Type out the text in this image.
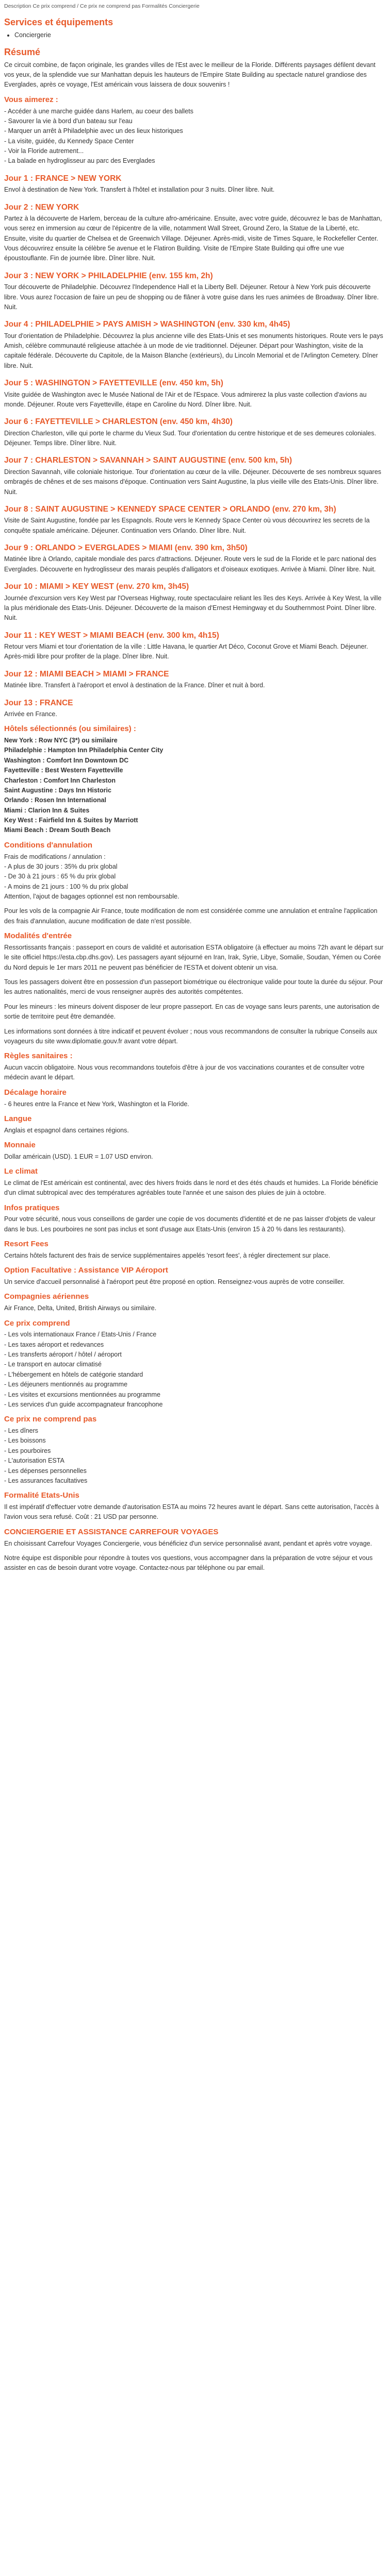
Description Ce prix comprend / Ce prix ne comprend pas Formalités Conciergerie
Services et équipements
• Conciergerie
Résumé

Ce circuit combine, de façon originale, les grandes villes de l'Est avec le meilleur de la Floride. Différents paysages défilent devant vos yeux, de la splendide vue sur Manhattan depuis les hauteurs de l'Empire State Building au spectacle naturel grandiose des Everglades, après ce voyage, l'Est américain vous laissera de doux souvenirs !

Vous aimerez :
- Accéder à une marche guidée dans Harlem, au coeur des ballets
- Savourer la vie à bord d'un bateau sur l'eau
- Marquer un arrêt à Philadelphie avec un des lieux historiques
- La visite, guidée, du Kennedy Space Center
- Voir la Floride autrement...
- La balade en hydroglisseur au parc des Everglades
Jour 1 : FRANCE > NEW YORK

Envol à destination de New York. Transfert à l'hôtel et installation pour 3 nuits. Dîner libre. Nuit.

Jour 2 : NEW YORK

Partez à la découverte de Harlem, berceau de la culture afro-américaine. Ensuite, avec votre guide, découvrez le bas de Manhattan, vous serez en immersion au cœur de l'épicentre de la ville, notamment Wall Street, Ground Zero, la Statue de la Liberté, etc. Ensuite, visite du quartier de Chelsea et de Greenwich Village. Déjeuner. Après-midi, visite de Times Square, le Rockefeller Center. Vous découvrirez ensuite la célèbre 5e avenue et le Flatiron Building. Visite de l'Empire State Building qui offre une vue époustouflante. Fin de journée libre. Dîner libre. Nuit.

Jour 3 : NEW YORK > PHILADELPHIE (env. 155 km, 2h)

Tour découverte de Philadelphie. Découvrez l'Independence Hall et la Liberty Bell. Déjeuner. Retour à New York puis découverte libre. Vous aurez l'occasion de faire un peu de shopping ou de flâner à votre guise dans les rues animées de Broadway. Dîner libre. Nuit.

Jour 4 : PHILADELPHIE > PAYS AMISH > WASHINGTON (env. 330 km, 4h45)

Tour d'orientation de Philadelphie. Découvrez la plus ancienne ville des Etats-Unis et ses monuments historiques. Route vers le pays Amish, célèbre communauté religieuse attachée à un mode de vie traditionnel. Déjeuner. Départ pour Washington, visite de la capitale fédérale. Découverte du Capitole, de la Maison Blanche (extérieurs), du Lincoln Memorial et de l'Arlington Cemetery. Dîner libre. Nuit.

Jour 5 : WASHINGTON > FAYETTEVILLE (env. 450 km, 5h)

Visite guidée de Washington avec le Musée National de l'Air et de l'Espace. Vous admirerez la plus vaste collection d'avions au monde. Déjeuner. Route vers Fayetteville, étape en Caroline du Nord. Dîner libre. Nuit.

Jour 6 : FAYETTEVILLE > CHARLESTON (env. 450 km, 4h30)

Direction Charleston, ville qui porte le charme du Vieux Sud. Tour d'orientation du centre historique et de ses demeures coloniales. Déjeuner. Temps libre. Dîner libre. Nuit.

Jour 7 : CHARLESTON > SAVANNAH > SAINT AUGUSTINE (env. 500 km, 5h)

Direction Savannah, ville coloniale historique. Tour d'orientation au cœur de la ville. Déjeuner. Découverte de ses nombreux squares ombragés de chênes et de ses maisons d'époque. Continuation vers Saint Augustine, la plus vieille ville des Etats-Unis. Dîner libre. Nuit.

Jour 8 : SAINT AUGUSTINE > KENNEDY SPACE CENTER > ORLANDO (env. 270 km, 3h)

Visite de Saint Augustine, fondée par les Espagnols. Route vers le Kennedy Space Center où vous découvrirez les secrets de la conquête spatiale américaine. Déjeuner. Continuation vers Orlando. Dîner libre. Nuit.

Jour 9 : ORLANDO > EVERGLADES > MIAMI (env. 390 km, 3h50)

Matinée libre à Orlando, capitale mondiale des parcs d'attractions. Déjeuner. Route vers le sud de la Floride et le parc national des Everglades. Découverte en hydroglisseur des marais peuplés d'alligators et d'oiseaux exotiques. Arrivée à Miami. Dîner libre. Nuit.

Jour 10 : MIAMI > KEY WEST (env. 270 km, 3h45)

Journée d'excursion vers Key West par l'Overseas Highway, route spectaculaire reliant les îles des Keys. Arrivée à Key West, la ville la plus méridionale des Etats-Unis. Déjeuner. Découverte de la maison d'Ernest Hemingway et du Southernmost Point. Dîner libre. Nuit.

Jour 11 : KEY WEST > MIAMI BEACH (env. 300 km, 4h15)

Retour vers Miami et tour d'orientation de la ville : Little Havana, le quartier Art Déco, Coconut Grove et Miami Beach. Déjeuner. Après-midi libre pour profiter de la plage. Dîner libre. Nuit.

Jour 12 : MIAMI BEACH > MIAMI > FRANCE

Matinée libre. Transfert à l'aéroport et envol à destination de la France. Dîner et nuit à bord.

Jour 13 : FRANCE

Arrivée en France.

Hôtels sélectionnés (ou similaires) :
New York : Row NYC (3*) ou similaire
Philadelphie : Hampton Inn Philadelphia Center City
Washington : Comfort Inn Downtown DC
Fayetteville : Best Western Fayetteville
Charleston : Comfort Inn Charleston
Saint Augustine : Days Inn Historic
Orlando : Rosen Inn International
Miami : Clarion Inn & Suites
Key West : Fairfield Inn & Suites by Marriott
Miami Beach : Dream South Beach
Conditions d'annulation
Frais de modifications / annulation :
- A plus de 30 jours : 35% du prix global
- De 30 à 21 jours : 65 % du prix global
- A moins de 21 jours : 100 % du prix global

Attention, l'ajout de bagages optionnel est non remboursable.

Pour les vols de la compagnie Air France, toute modification de nom est considérée comme une annulation et entraîne l'application des frais d'annulation, aucune modification de date n'est possible.

Modalités d'entrée

Ressortissants français : passeport en cours de validité et autorisation ESTA obligatoire (à effectuer au moins 72h avant le départ sur le site officiel https://esta.cbp.dhs.gov). Les passagers ayant séjourné en Iran, Irak, Syrie, Libye, Somalie, Soudan, Yémen ou Corée du Nord depuis le 1er mars 2011 ne peuvent pas bénéficier de l'ESTA et doivent obtenir un visa.

Tous les passagers doivent être en possession d'un passeport biométrique ou électronique valide pour toute la durée du séjour. Pour les autres nationalités, merci de vous renseigner auprès des autorités compétentes.

Pour les mineurs : les mineurs doivent disposer de leur propre passeport. En cas de voyage sans leurs parents, une autorisation de sortie de territoire peut être demandée.

Les informations sont données à titre indicatif et peuvent évoluer ; nous vous recommandons de consulter la rubrique Conseils aux voyageurs du site www.diplomatie.gouv.fr avant votre départ.

Règles sanitaires :

Aucun vaccin obligatoire. Nous vous recommandons toutefois d'être à jour de vos vaccinations courantes et de consulter votre médecin avant le départ.

Décalage horaire

- 6 heures entre la France et New York, Washington et la Floride.

Langue

Anglais et espagnol dans certaines régions.

Monnaie

Dollar américain (USD). 1 EUR = 1.07 USD environ.

Le climat

Le climat de l'Est américain est continental, avec des hivers froids dans le nord et des étés chauds et humides. La Floride bénéficie d'un climat subtropical avec des températures agréables toute l'année et une saison des pluies de juin à octobre.

Infos pratiques

Pour votre sécurité, nous vous conseillons de garder une copie de vos documents d'identité et de ne pas laisser d'objets de valeur dans le bus. Les pourboires ne sont pas inclus et sont d'usage aux Etats-Unis (environ 15 à 20 % dans les restaurants).

Resort Fees

Certains hôtels facturent des frais de service supplémentaires appelés 'resort fees', à régler directement sur place.

Option Facultative : Assistance VIP Aéroport

Un service d'accueil personnalisé à l'aéroport peut être proposé en option. Renseignez-vous auprès de votre conseiller.

Compagnies aériennes

Air France, Delta, United, British Airways ou similaire.

Ce prix comprend
- Les vols internationaux France / Etats-Unis / France
- Les taxes aéroport et redevances
- Les transferts aéroport / hôtel / aéroport
- Le transport en autocar climatisé
- L'hébergement en hôtels de catégorie standard
- Les déjeuners mentionnés au programme
- Les visites et excursions mentionnées au programme
- Les services d'un guide accompagnateur francophone
Ce prix ne comprend pas
- Les dîners
- Les boissons
- Les pourboires
- L'autorisation ESTA
- Les dépenses personnelles
- Les assurances facultatives
Formalité Etats-Unis

Il est impératif d'effectuer votre demande d'autorisation ESTA au moins 72 heures avant le départ. Sans cette autorisation, l'accès à l'avion vous sera refusé. Coût : 21 USD par personne.

CONCIERGERIE ET ASSISTANCE CARREFOUR VOYAGES

En choisissant Carrefour Voyages Conciergerie, vous bénéficiez d'un service personnalisé avant, pendant et après votre voyage.

Notre équipe est disponible pour répondre à toutes vos questions, vous accompagner dans la préparation de votre séjour et vous assister en cas de besoin durant votre voyage. Contactez-nous par téléphone ou par email.
